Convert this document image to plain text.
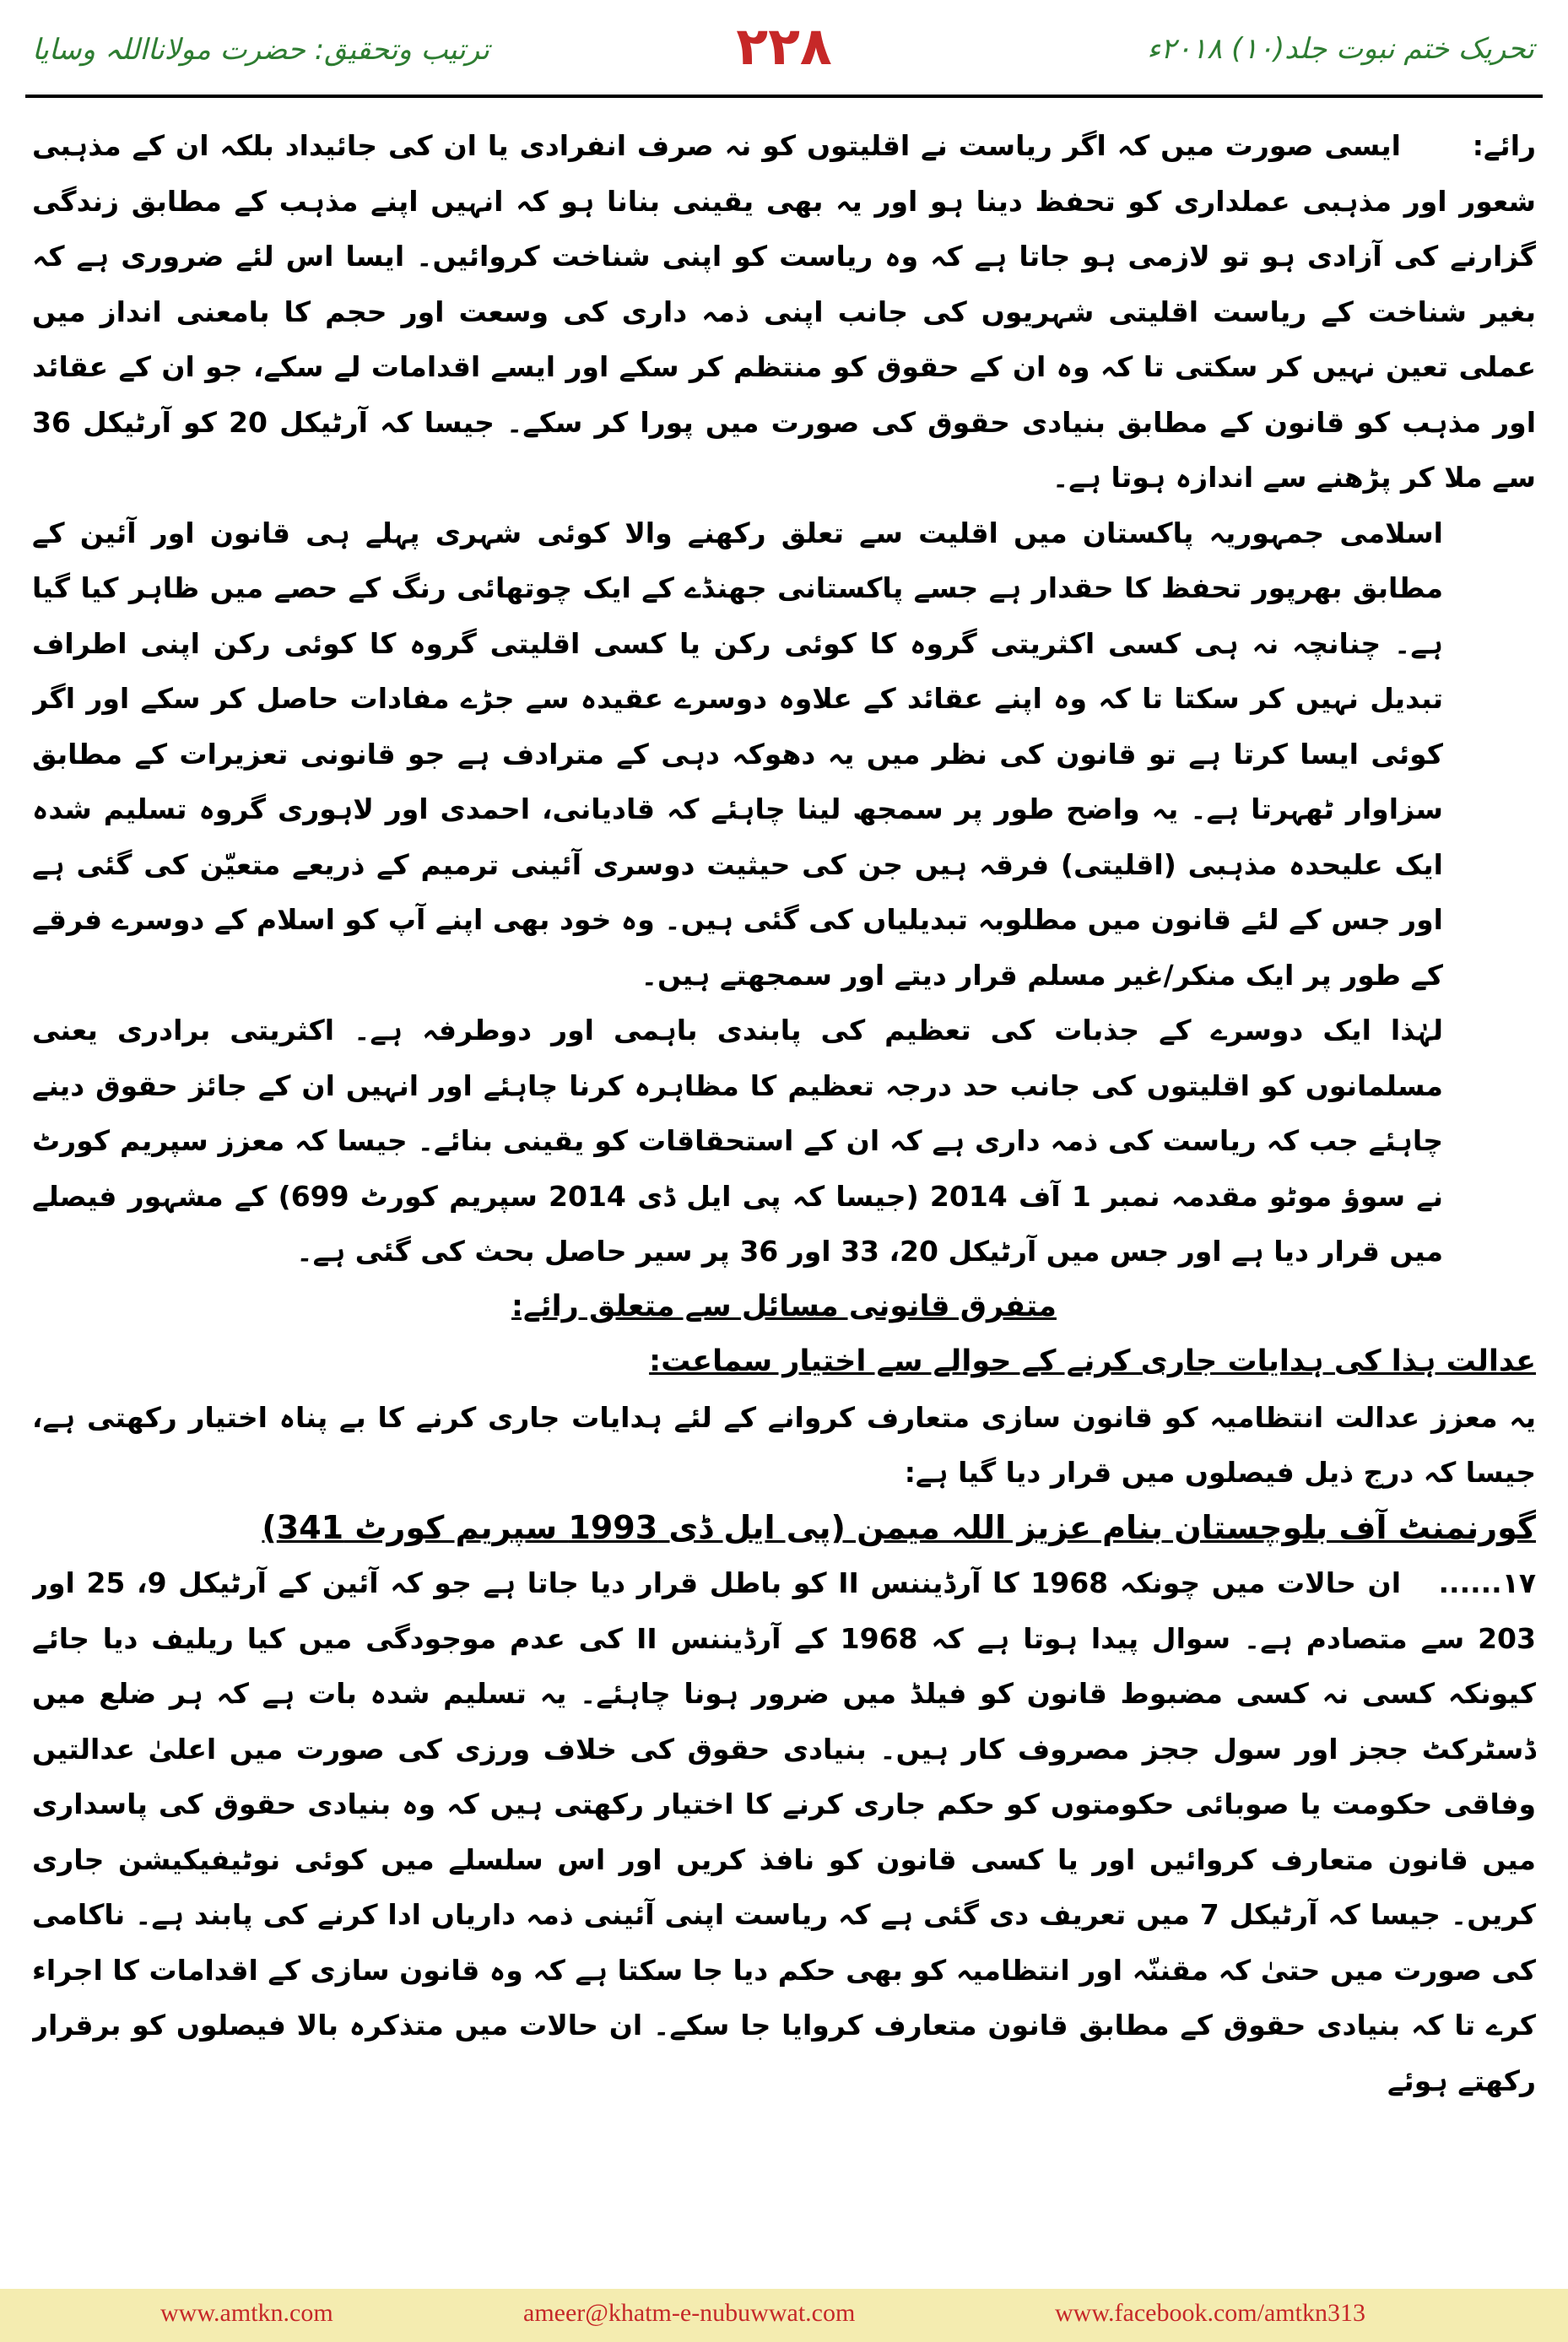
تحریک ختم نبوت جلد(۱۰) ۲۰۱۸ء
۲۲۸
ترتیب وتحقیق: حضرت مولانااللہ وسایا

رائے:ایسی صورت میں کہ اگر ریاست نے اقلیتوں کو نہ صرف انفرادی یا ان کی جائیداد بلکہ ان کے مذہبی شعور اور مذہبی عملداری کو تحفظ دینا ہو اور یہ بھی یقینی بنانا ہو کہ انہیں اپنے مذہب کے مطابق زندگی گزارنے کی آزادی ہو تو لازمی ہو جاتا ہے کہ وہ ریاست کو اپنی شناخت کروائیں۔ ایسا اس لئے ضروری ہے کہ بغیر شناخت کے ریاست اقلیتی شہریوں کی جانب اپنی ذمہ داری کی وسعت اور حجم کا بامعنی انداز میں عملی تعین نہیں کر سکتی تا کہ وہ ان کے حقوق کو منتظم کر سکے اور ایسے اقدامات لے سکے، جو ان کے عقائد اور مذہب کو قانون کے مطابق بنیادی حقوق کی صورت میں پورا کر سکے۔ جیسا کہ آرٹیکل 20 کو آرٹیکل 36 سے ملا کر پڑھنے سے اندازہ ہوتا ہے۔

اسلامی جمہوریہ پاکستان میں اقلیت سے تعلق رکھنے والا کوئی شہری پہلے ہی قانون اور آئین کے مطابق بھرپور تحفظ کا حقدار ہے جسے پاکستانی جھنڈے کے ایک چوتھائی رنگ کے حصے میں ظاہر کیا گیا ہے۔ چنانچہ نہ ہی کسی اکثریتی گروہ کا کوئی رکن یا کسی اقلیتی گروہ کا کوئی رکن اپنی اطراف تبدیل نہیں کر سکتا تا کہ وہ اپنے عقائد کے علاوہ دوسرے عقیدہ سے جڑے مفادات حاصل کر سکے اور اگر کوئی ایسا کرتا ہے تو قانون کی نظر میں یہ دھوکہ دہی کے مترادف ہے جو قانونی تعزیرات کے مطابق سزاوار ٹھہرتا ہے۔ یہ واضح طور پر سمجھ لینا چاہئے کہ قادیانی، احمدی اور لاہوری گروہ تسلیم شدہ ایک علیحدہ مذہبی (اقلیتی) فرقہ ہیں جن کی حیثیت دوسری آئینی ترمیم کے ذریعے متعیّن کی گئی ہے اور جس کے لئے قانون میں مطلوبہ تبدیلیاں کی گئی ہیں۔ وہ خود بھی اپنے آپ کو اسلام کے دوسرے فرقے کے طور پر ایک منکر/غیر مسلم قرار دیتے اور سمجھتے ہیں۔

لہٰذا ایک دوسرے کے جذبات کی تعظیم کی پابندی باہمی اور دوطرفہ ہے۔ اکثریتی برادری یعنی مسلمانوں کو اقلیتوں کی جانب حد درجہ تعظیم کا مظاہرہ کرنا چاہئے اور انہیں ان کے جائز حقوق دینے چاہئے جب کہ ریاست کی ذمہ داری ہے کہ ان کے استحقاقات کو یقینی بنائے۔ جیسا کہ معزز سپریم کورٹ نے سوؤ موٹو مقدمہ نمبر 1 آف 2014 (جیسا کہ پی ایل ڈی 2014 سپریم کورٹ 699) کے مشہور فیصلے میں قرار دیا ہے اور جس میں آرٹیکل 20، 33 اور 36 پر سیر حاصل بحث کی گئی ہے۔

متفرق قانونی مسائل سے متعلق رائے:

عدالت ہذا کی ہدایات جاری کرنے کے حوالے سے اختیار سماعت:

یہ معزز عدالت انتظامیہ کو قانون سازی متعارف کروانے کے لئے ہدایات جاری کرنے کا بے پناہ اختیار رکھتی ہے، جیسا کہ درج ذیل فیصلوں میں قرار دیا گیا ہے:

گورنمنٹ آف بلوچستان بنام عزیز اللہ میمن (پی ایل ڈی 1993 سپریم کورٹ 341)

۱۷......ان حالات میں چونکہ 1968 کا آرڈیننس II کو باطل قرار دیا جاتا ہے جو کہ آئین کے آرٹیکل 9، 25 اور 203 سے متصادم ہے۔ سوال پیدا ہوتا ہے کہ 1968 کے آرڈیننس II کی عدم موجودگی میں کیا ریلیف دیا جائے کیونکہ کسی نہ کسی مضبوط قانون کو فیلڈ میں ضرور ہونا چاہئے۔ یہ تسلیم شدہ بات ہے کہ ہر ضلع میں ڈسٹرکٹ ججز اور سول ججز مصروف کار ہیں۔ بنیادی حقوق کی خلاف ورزی کی صورت میں اعلیٰ عدالتیں وفاقی حکومت یا صوبائی حکومتوں کو حکم جاری کرنے کا اختیار رکھتی ہیں کہ وہ بنیادی حقوق کی پاسداری میں قانون متعارف کروائیں اور یا کسی قانون کو نافذ کریں اور اس سلسلے میں کوئی نوٹیفیکیشن جاری کریں۔ جیسا کہ آرٹیکل 7 میں تعریف دی گئی ہے کہ ریاست اپنی آئینی ذمہ داریاں ادا کرنے کی پابند ہے۔ ناکامی کی صورت میں حتیٰ کہ مقننّہ اور انتظامیہ کو بھی حکم دیا جا سکتا ہے کہ وہ قانون سازی کے اقدامات کا اجراء کرے تا کہ بنیادی حقوق کے مطابق قانون متعارف کروایا جا سکے۔ ان حالات میں متذکرہ بالا فیصلوں کو برقرار رکھتے ہوئے

www.amtkn.com	ameer@khatm-e-nubuwwat.com	www.facebook.com/amtkn313
